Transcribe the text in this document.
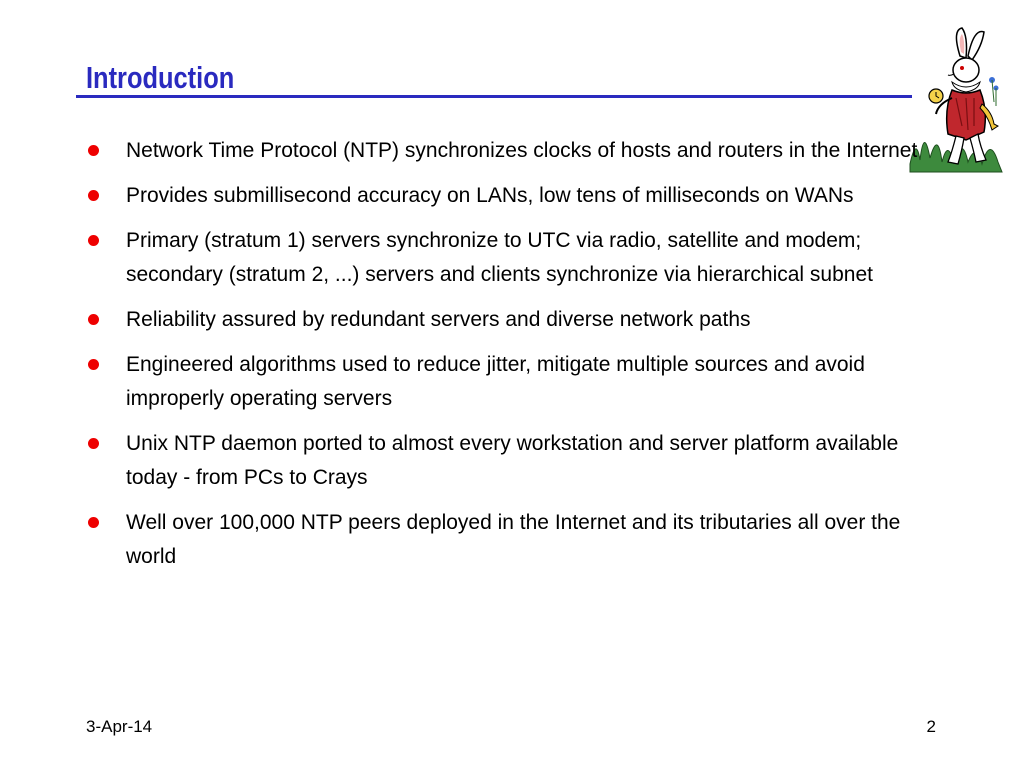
Introduction
Network Time Protocol (NTP) synchronizes clocks of hosts and routers in the Internet
Provides submillisecond accuracy on LANs, low tens of milliseconds on WANs
Primary (stratum 1) servers synchronize to UTC via radio, satellite and modem; secondary (stratum 2, ...) servers and clients synchronize via hierarchical subnet
Reliability assured by redundant servers and diverse network paths
Engineered algorithms used to reduce jitter, mitigate multiple sources and avoid improperly operating servers
Unix NTP daemon ported to almost every workstation and server platform available today - from PCs to Crays
Well over 100,000 NTP peers deployed in the Internet and its tributaries all over the world
3-Apr-14	2
